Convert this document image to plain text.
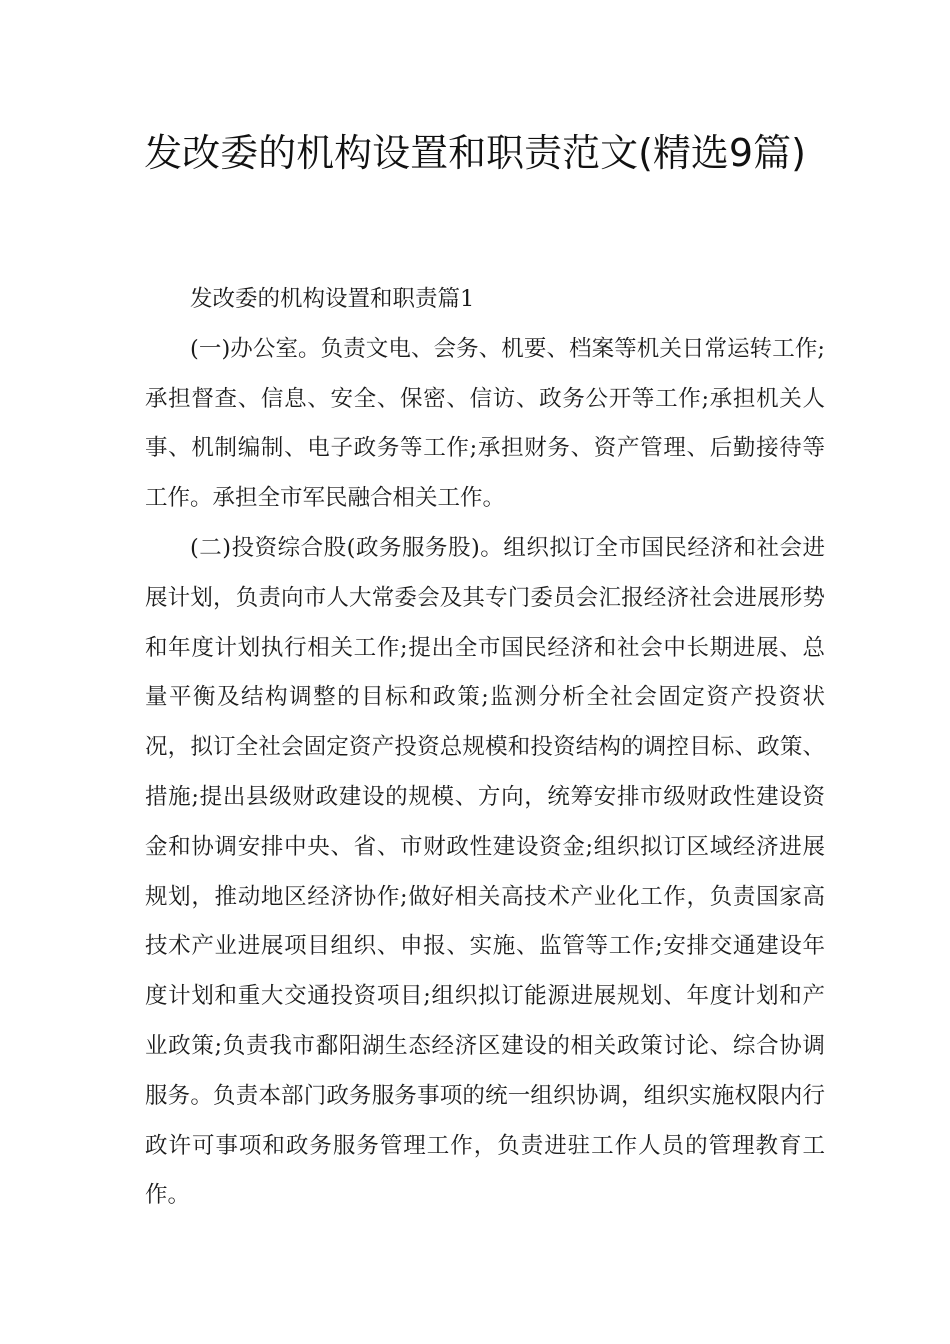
发改委的机构设置和职责范文(精选9篇)

发改委的机构设置和职责篇1

(一)办公室。负责文电、会务、机要、档案等机关日常运转工作;承担督查、信息、安全、保密、信访、政务公开等工作;承担机关人事、机制编制、电子政务等工作;承担财务、资产管理、后勤接待等工作。承担全市军民融合相关工作。

(二)投资综合股(政务服务股)。组织拟订全市国民经济和社会进展计划，负责向市人大常委会及其专门委员会汇报经济社会进展形势和年度计划执行相关工作;提出全市国民经济和社会中长期进展、总量平衡及结构调整的目标和政策;监测分析全社会固定资产投资状况，拟订全社会固定资产投资总规模和投资结构的调控目标、政策、措施;提出县级财政建设的规模、方向，统筹安排市级财政性建设资金和协调安排中央、省、市财政性建设资金;组织拟订区域经济进展规划，推动地区经济协作;做好相关高技术产业化工作，负责国家高技术产业进展项目组织、申报、实施、监管等工作;安排交通建设年度计划和重大交通投资项目;组织拟订能源进展规划、年度计划和产业政策;负责我市鄱阳湖生态经济区建设的相关政策讨论、综合协调服务。负责本部门政务服务事项的统一组织协调，组织实施权限内行政许可事项和政务服务管理工作，负责进驻工作人员的管理教育工作。
